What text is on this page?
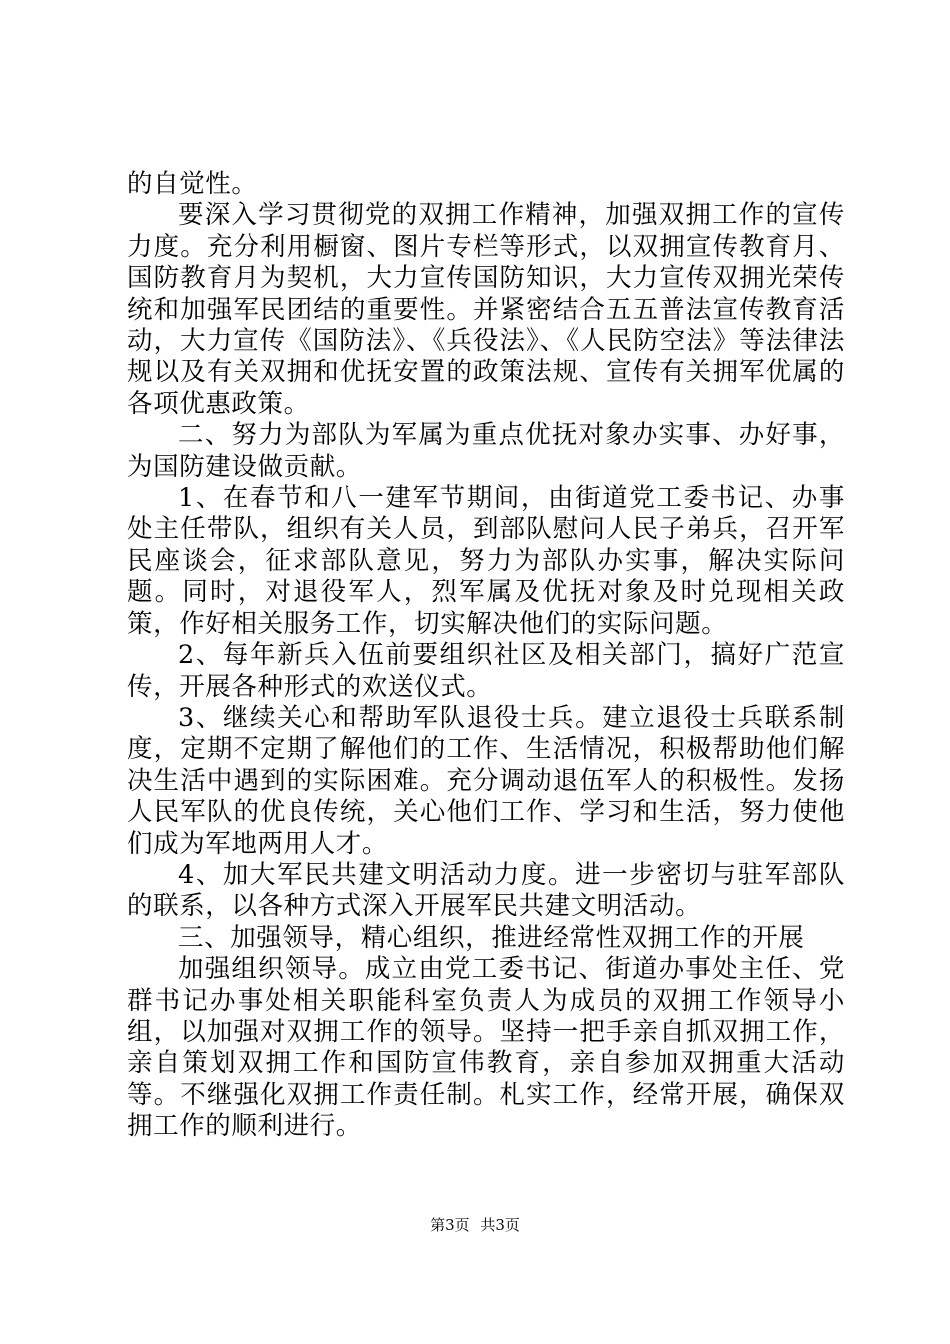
的自觉性。

要深入学习贯彻党的双拥工作精神，加强双拥工作的宣传力度。充分利用橱窗、图片专栏等形式，以双拥宣传教育月、国防教育月为契机，大力宣传国防知识，大力宣传双拥光荣传统和加强军民团结的重要性。并紧密结合五五普法宣传教育活动，大力宣传《国防法》、《兵役法》、《人民防空法》等法律法规以及有关双拥和优抚安置的政策法规、宣传有关拥军优属的各项优惠政策。

二、努力为部队为军属为重点优抚对象办实事、办好事，为国防建设做贡献。

1、在春节和八一建军节期间，由街道党工委书记、办事处主任带队，组织有关人员，到部队慰问人民子弟兵，召开军民座谈会，征求部队意见，努力为部队办实事，解决实际问题。同时，对退役军人，烈军属及优抚对象及时兑现相关政策，作好相关服务工作，切实解决他们的实际问题。

2、每年新兵入伍前要组织社区及相关部门，搞好广范宣传，开展各种形式的欢送仪式。

3、继续关心和帮助军队退役士兵。建立退役士兵联系制度，定期不定期了解他们的工作、生活情况，积极帮助他们解决生活中遇到的实际困难。充分调动退伍军人的积极性。发扬人民军队的优良传统，关心他们工作、学习和生活，努力使他们成为军地两用人才。

4、加大军民共建文明活动力度。进一步密切与驻军部队的联系，以各种方式深入开展军民共建文明活动。

三、加强领导，精心组织，推进经常性双拥工作的开展

加强组织领导。成立由党工委书记、街道办事处主任、党群书记办事处相关职能科室负责人为成员的双拥工作领导小组，以加强对双拥工作的领导。坚持一把手亲自抓双拥工作，亲自策划双拥工作和国防宣伟教育，亲自参加双拥重大活动等。不继强化双拥工作责任制。札实工作，经常开展，确保双拥工作的顺利进行。

第3页 共3页
